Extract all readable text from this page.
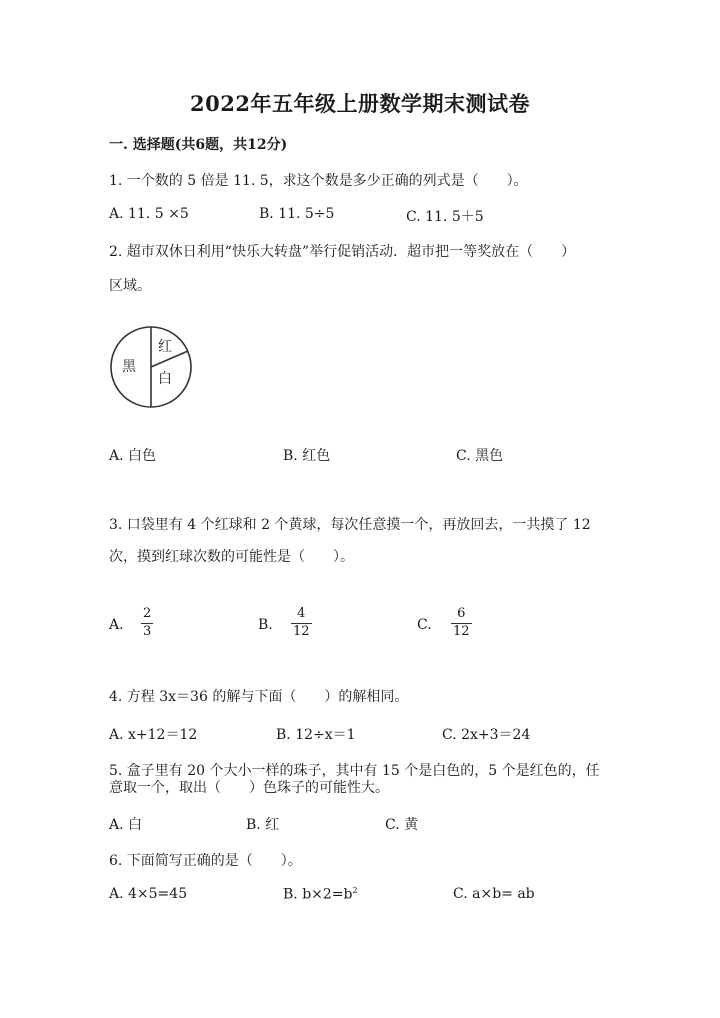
2022年五年级上册数学期末测试卷
一. 选择题(共6题，共12分)
1. 一个数的 5 倍是 11. 5，求这个数是多少正确的列式是（　　）。
A. 11. 5 ×5	B. 11. 5÷5	C. 11. 5＋5
2. 超市双休日利用“快乐大转盘”举行促销活动．超市把一等奖放在（　　）
区域。
黑
红
白
A. 白色	B. 红色	C. 黑色
3. 口袋里有 4 个红球和 2 个黄球，每次任意摸一个，再放回去，一共摸了 12
次，摸到红球次数的可能性是（　　）。
A. $\frac{2}{3}$	B. $\frac{4}{12}$	C. $\frac{6}{12}$
4. 方程 3x＝36 的解与下面（　　）的解相同。
A. x+12＝12	B. 12÷x＝1	C. 2x+3＝24
5. 盒子里有 20 个大小一样的珠子，其中有 15 个是白色的，5 个是红色的，任
意取一个，取出（　　）色珠子的可能性大。
A. 白	B. 红	C. 黄
6. 下面简写正确的是（　　）。
A. 4×5=45	B. $b\times 2=b^2$	C. a×b= ab
